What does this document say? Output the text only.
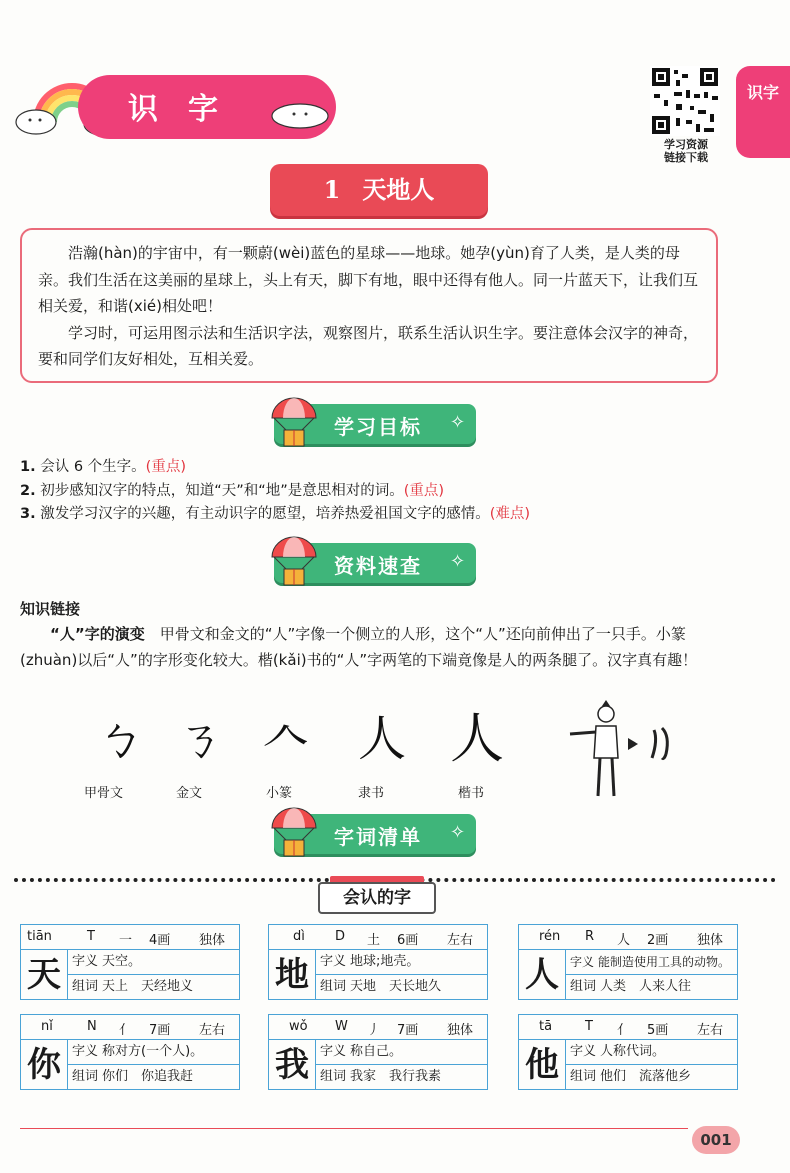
识字
学习资源
链接下载
识字
1 天地人

浩瀚(hàn)的宇宙中，有一颗蔚(wèi)蓝色的星球——地球。她孕(yùn)育了人类，是人类的母亲。我们生活在这美丽的星球上，头上有天，脚下有地，眼中还得有他人。同一片蓝天下，让我们互相关爱，和谐(xié)相处吧！

学习时，可运用图示法和生活识字法，观察图片，联系生活认识生字。要注意体会汉字的神奇，要和同学们友好相处，互相关爱。

学习目标 ✧
1. 会认 6 个生字。(重点)
2. 初步感知汉字的特点，知道“天”和“地”是意思相对的词。(重点)
3. 激发学习汉字的兴趣，有主动识字的愿望，培养热爱祖国文字的感情。(难点)
资料速查 ✧
知识链接

“人”字的演变　 甲骨文和金文的“人”字像一个侧立的人形，这个“人”还向前伸出了一只手。小篆(zhuàn)以后“人”的字形变化较大。楷(kǎi)书的“人”字两笔的下端竟像是人的两条腿了。汉字真有趣！

ㄅ ㄋ 𠆢 人 人
甲骨文	金文	小篆	隶书	楷书
字词清单 ✧
会认的字
tiān	T 一 4画 独体
天 字义 天空。
组词 天上　天经地义
dì D 土 6画 左右
地 字义 地球;地壳。
组词 天地　天长地久
rén R 人 2画 独体
人 字义 能制造使用工具的动物。
组词 人类　人来人往
nǐ	N 亻 7画 左右
你 字义 称对方(一个人)。
组词 你们　你追我赶
wǒ W 丿 7画 独体
我 字义 称自己。
组词 我家　我行我素
tā	T 亻 5画 左右
他 字义 人称代词。
组词 他们　流落他乡
001
